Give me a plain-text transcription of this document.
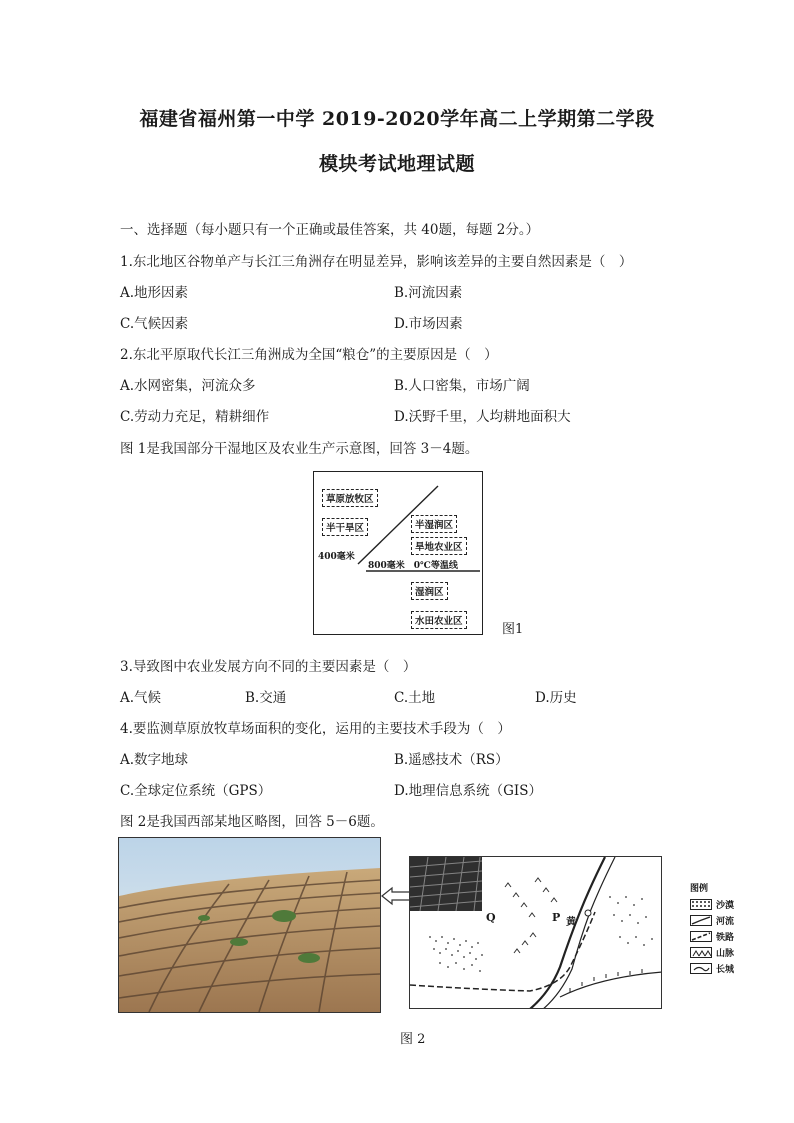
福建省福州第一中学 2019-2020学年高二上学期第二学段
模块考试地理试题
一、选择题（每小题只有一个正确或最佳答案，共 40题，每题 2分。）
1.东北地区谷物单产与长江三角洲存在明显差异，影响该差异的主要自然因素是（　）
A.地形因素	B.河流因素
C.气候因素	D.市场因素
2.东北平原取代长江三角洲成为全国“粮仓”的主要原因是（　）
A.水网密集，河流众多	B.人口密集，市场广阔
C.劳动力充足，精耕细作	D.沃野千里，人均耕地面积大
图 1是我国部分干湿地区及农业生产示意图，回答 3－4题。
草原放牧区
半干旱区	半湿润区
旱地农业区
400毫米
800毫米　0℃等温线
湿润区
水田农业区
图1
3.导致图中农业发展方向不同的主要因素是（　）
A.气候	B.交通	C.土地	D.历史
4.要监测草原放牧草场面积的变化，运用的主要技术手段为（　）
A.数字地球	B.遥感技术（RS）
C.全球定位系统（GPS）	D.地理信息系统（GIS）
图 2是我国西部某地区略图，回答 5－6题。
Q	P 黄
图例
沙漠
河流
铁路
山脉
长城
图 2
